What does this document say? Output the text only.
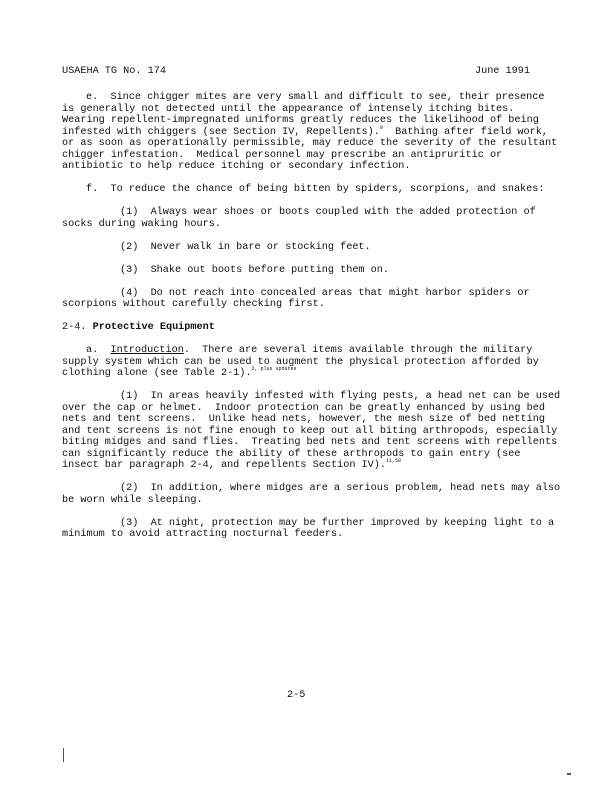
USAEHA TG No. 174	June 1991
e.  Since chigger mites are very small and difficult to see, their presence is generally not detected until the appearance of intensely itching bites.  Wearing repellent-impregnated uniforms greatly reduces the likelihood of being infested with chiggers (see Section IV, Repellents).$^9$  Bathing after field work, or as soon as operationally permissible, may reduce the severity of the resultant chigger infestation.  Medical personnel may prescribe an antipruritic or antibiotic to help reduce itching or secondary infection.
f.  To reduce the chance of being bitten by spiders, scorpions, and snakes:
(1)  Always wear shoes or boots coupled with the added protection of socks during waking hours.
(2)  Never walk in bare or stocking feet.
(3)  Shake out boots before putting them on.
(4)  Do not reach into concealed areas that might harbor spiders or scorpions without carefully checking first.
2-4. Protective Equipment
a. Introduction.  There are several items available through the military supply system which can be used to augment the physical protection afforded by clothing alone (see Table 2-1).$^{2, plus updates}$
(1)  In areas heavily infested with flying pests, a head net can be used over the cap or helmet.  Indoor protection can be greatly enhanced by using bed nets and tent screens.  Unlike head nets, however, the mesh size of bed netting and tent screens is not fine enough to keep out all biting arthropods, especially biting midges and sand flies.  Treating bed nets and tent screens with repellents can significantly reduce the ability of these arthropods to gain entry (see insect bar paragraph 2-4, and repellents Section IV).$^{11,58}$
(2)  In addition, where midges are a serious problem, head nets may also be worn while sleeping.
(3)  At night, protection may be further improved by keeping light to a minimum to avoid attracting nocturnal feeders.
2-5
